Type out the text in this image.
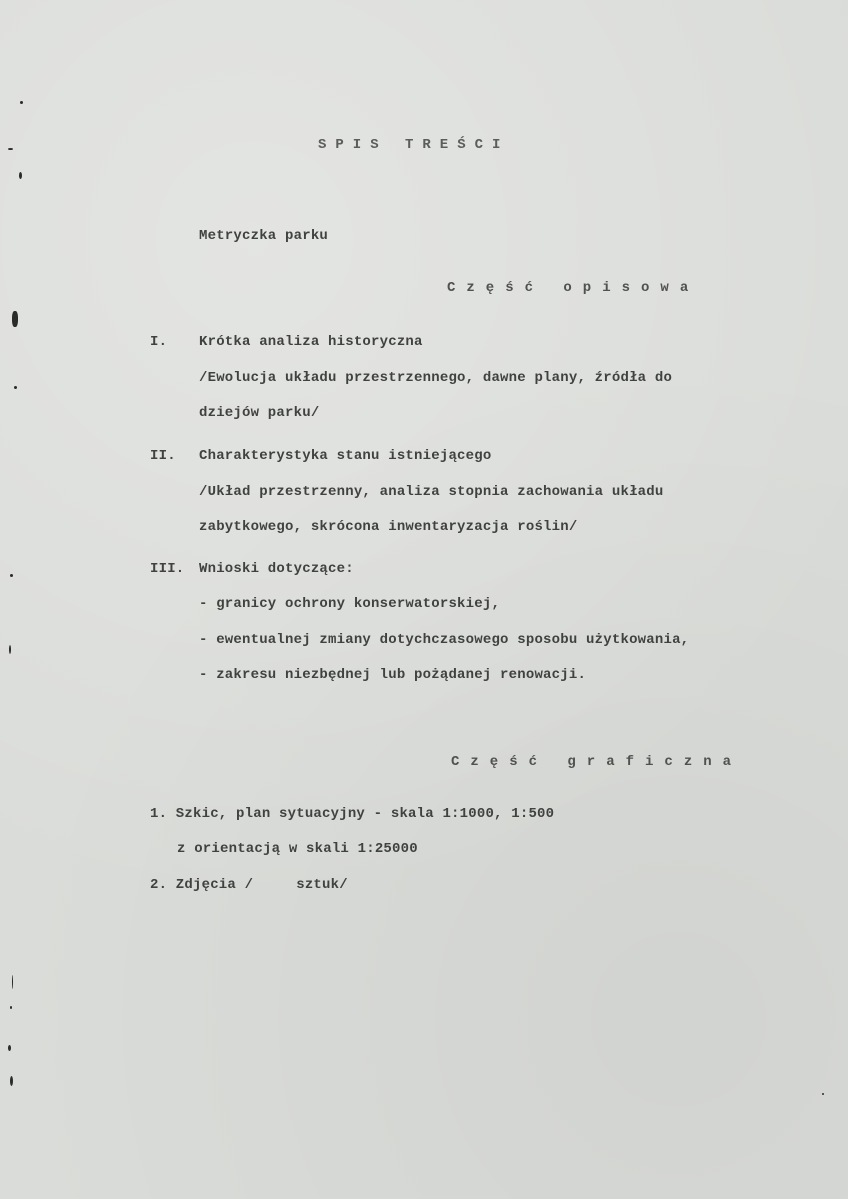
SPIS TREŚCI
Metryczka parku
Część opisowa
I. Krótka analiza historyczna
/Ewolucja układu przestrzennego, dawne plany, źródła do
dziejów parku/
II. Charakterystyka stanu istniejącego
/Układ przestrzenny, analiza stopnia zachowania układu
zabytkowego, skrócona inwentaryzacja roślin/
III. Wnioski dotyczące:
- granicy ochrony konserwatorskiej,
- ewentualnej zmiany dotychczasowego sposobu użytkowania,
- zakresu niezbędnej lub pożądanej renowacji.
Część graficzna
1. Szkic, plan sytuacyjny - skala 1:1000, 1:500
z orientacją w skali 1:25000
2. Zdjęcia /     sztuk/
